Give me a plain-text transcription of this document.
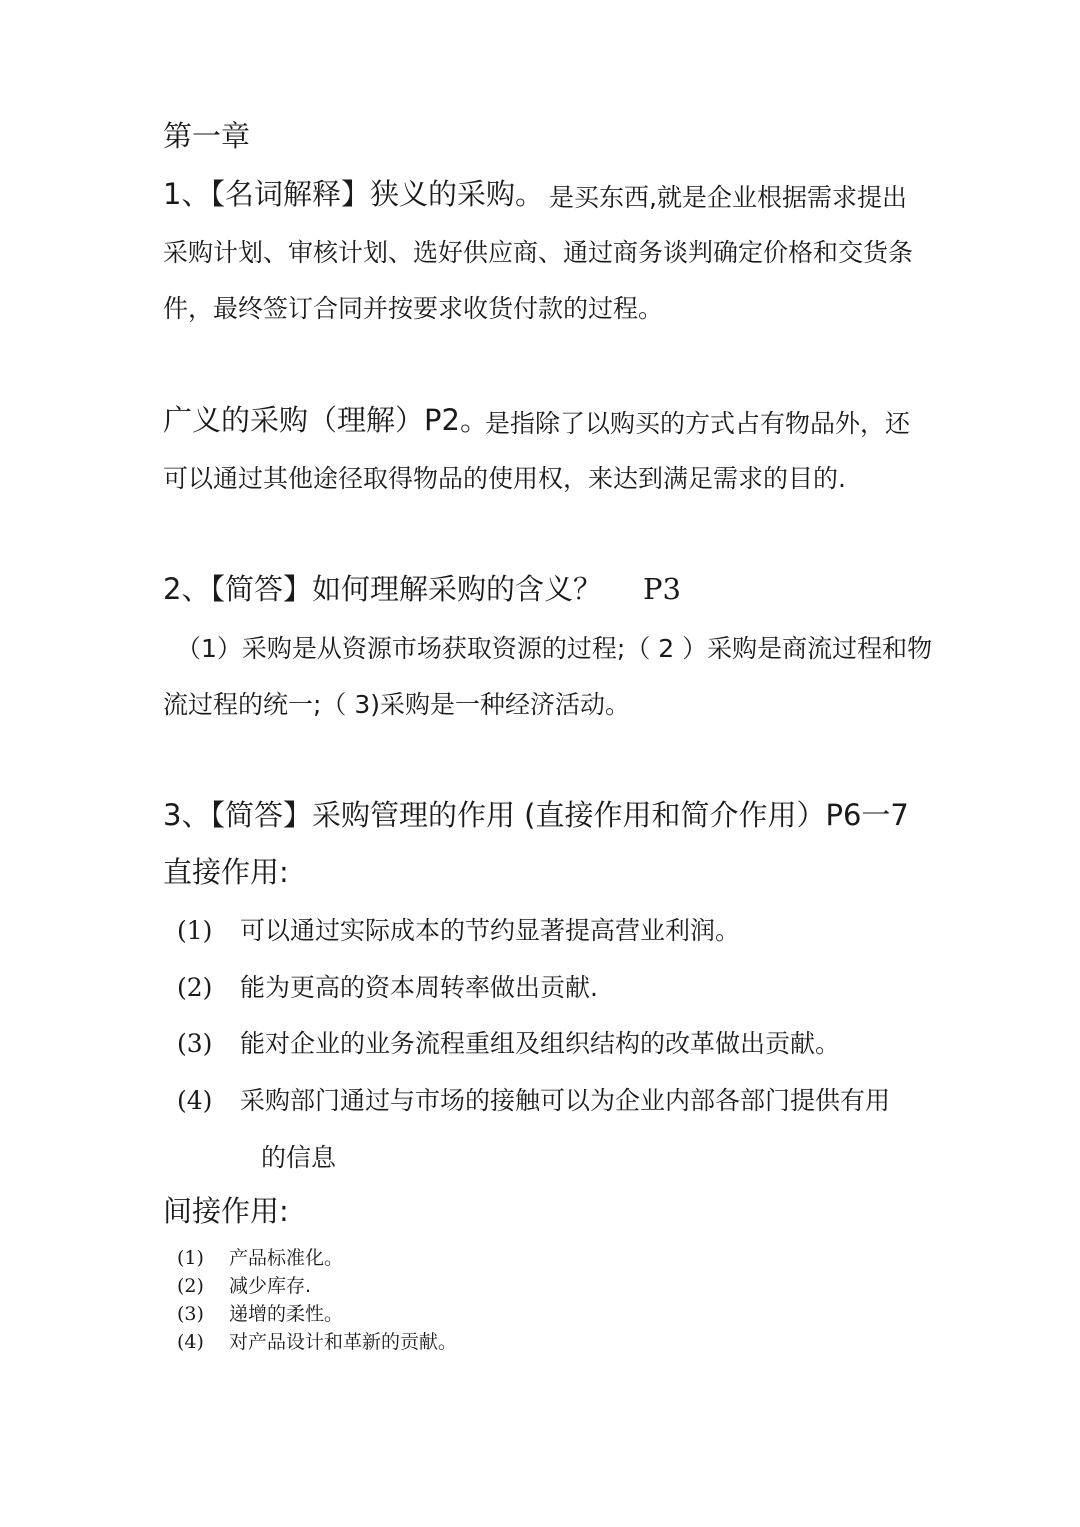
第一章
1、【名词解释】狭义的采购。 是买东西,就是企业根据需求提出
采购计划、审核计划、选好供应商、通过商务谈判确定价格和交货条
件，最终签订合同并按要求收货付款的过程。
广义的采购（理解）P2。
是指除了以购买的方式占有物品外，还
可以通过其他途径取得物品的使用权，来达到满足需求的目的.
2、【简答】如何理解采购的含义？ P3
（1）采购是从资源市场获取资源的过程;（ 2 ）采购是商流过程和物
流过程的统一;（ 3)采购是一种经济活动。
3、【简答】采购管理的作用 (直接作用和简介作用）P6一7
直接作用:
(1) 可以通过实际成本的节约显著提高营业利润。
(2) 能为更高的资本周转率做出贡献.
(3) 能对企业的业务流程重组及组织结构的改革做出贡献。
(4) 采购部门通过与市场的接触可以为企业内部各部门提供有用
的信息
间接作用:
(1) 产品标准化。
(2) 减少库存.
(3) 递增的柔性。
(4) 对产品设计和革新的贡献。
